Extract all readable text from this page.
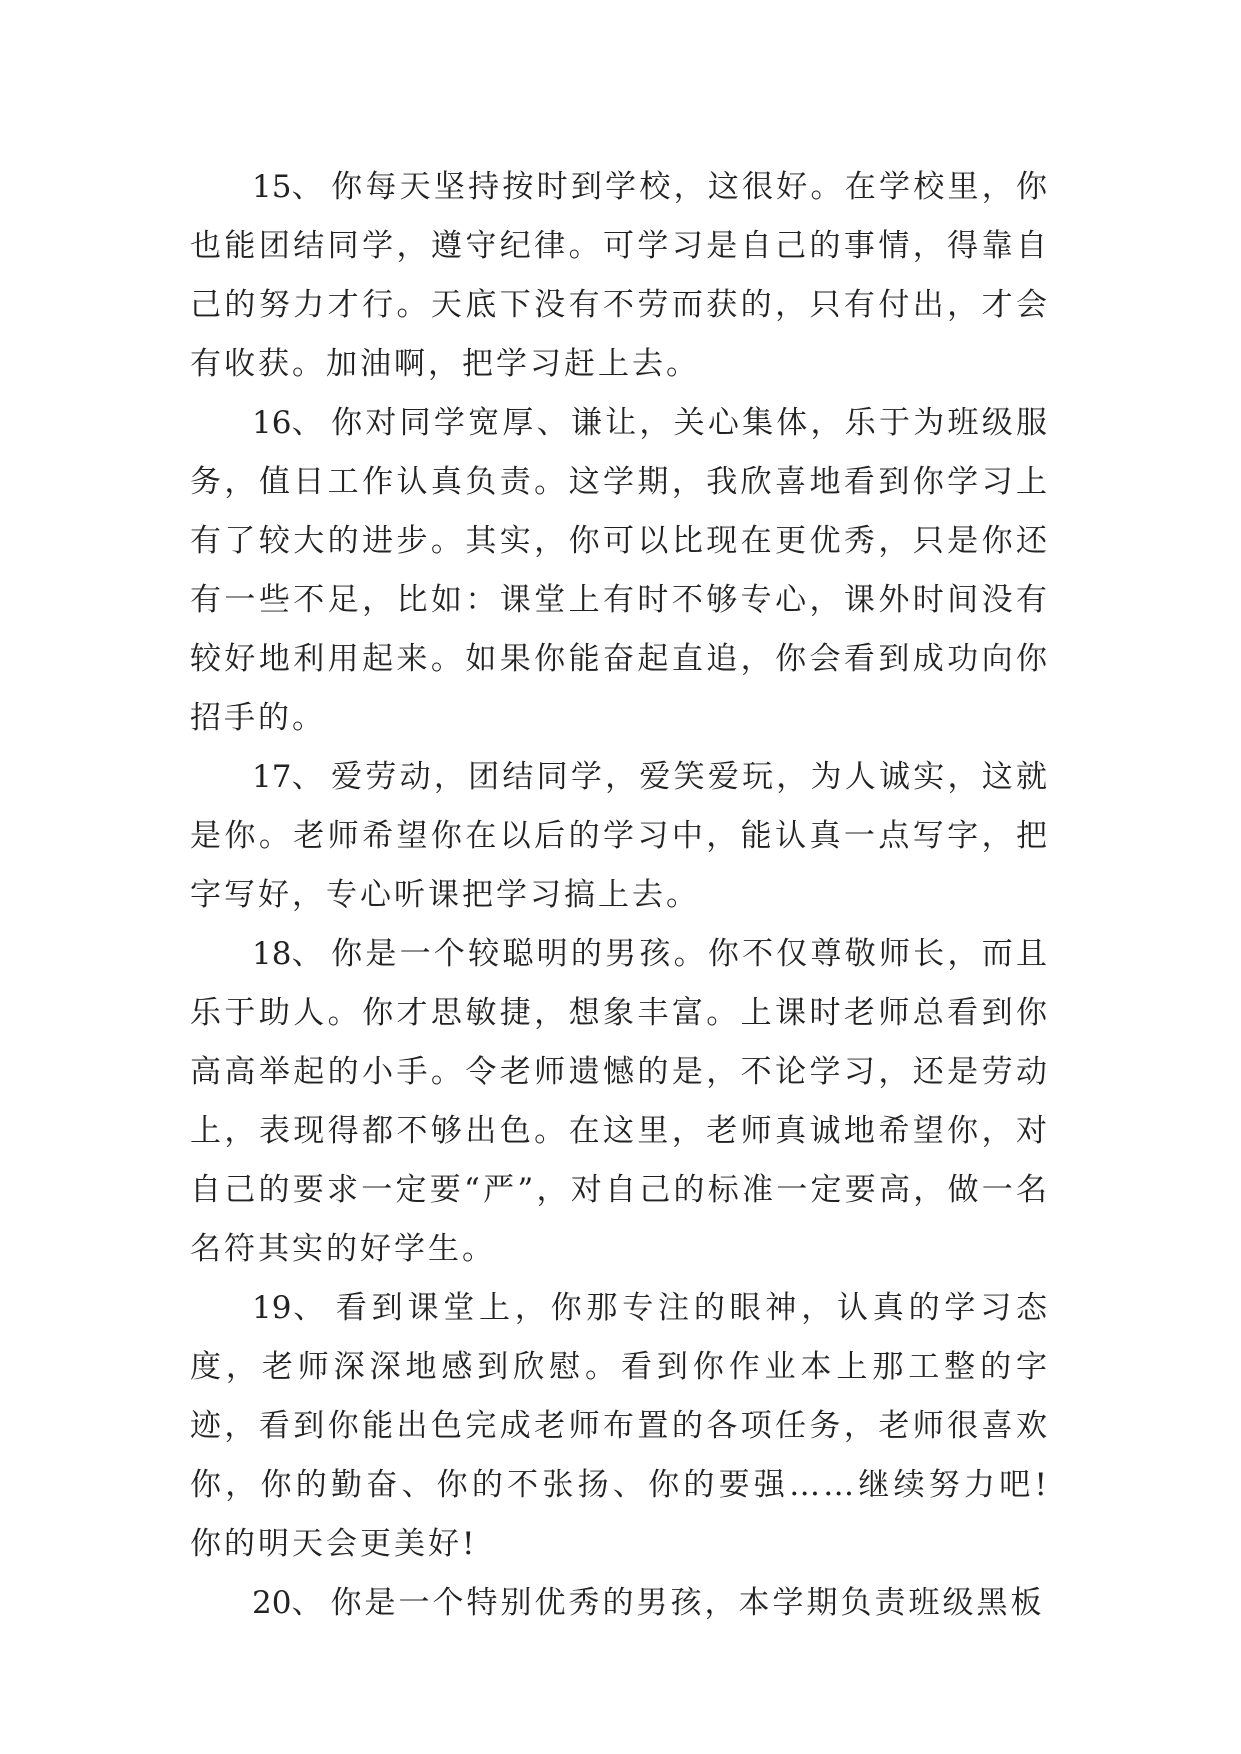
15、 你每天坚持按时到学校，这很好。在学校里，你也能团结同学，遵守纪律。可学习是自己的事情，得靠自己的努力才行。天底下没有不劳而获的，只有付出，才会有收获。加油啊，把学习赶上去。

16、 你对同学宽厚、谦让，关心集体，乐于为班级服务，值日工作认真负责。这学期，我欣喜地看到你学习上有了较大的进步。其实，你可以比现在更优秀，只是你还有一些不足，比如：课堂上有时不够专心，课外时间没有较好地利用起来。如果你能奋起直追，你会看到成功向你招手的。

17、 爱劳动，团结同学，爱笑爱玩，为人诚实，这就是你。老师希望你在以后的学习中，能认真一点写字，把字写好，专心听课把学习搞上去。

18、 你是一个较聪明的男孩。你不仅尊敬师长，而且乐于助人。你才思敏捷，想象丰富。上课时老师总看到你高高举起的小手。令老师遗憾的是，不论学习，还是劳动上，表现得都不够出色。在这里，老师真诚地希望你，对自己的要求一定要“严”，对自己的标准一定要高，做一名名符其实的好学生。

19、 看到课堂上，你那专注的眼神，认真的学习态度，老师深深地感到欣慰。看到你作业本上那工整的字迹，看到你能出色完成老师布置的各项任务，老师很喜欢你，你的勤奋、你的不张扬、你的要强……继续努力吧!你的明天会更美好!

20、 你是一个特别优秀的男孩，本学期负责班级黑板
